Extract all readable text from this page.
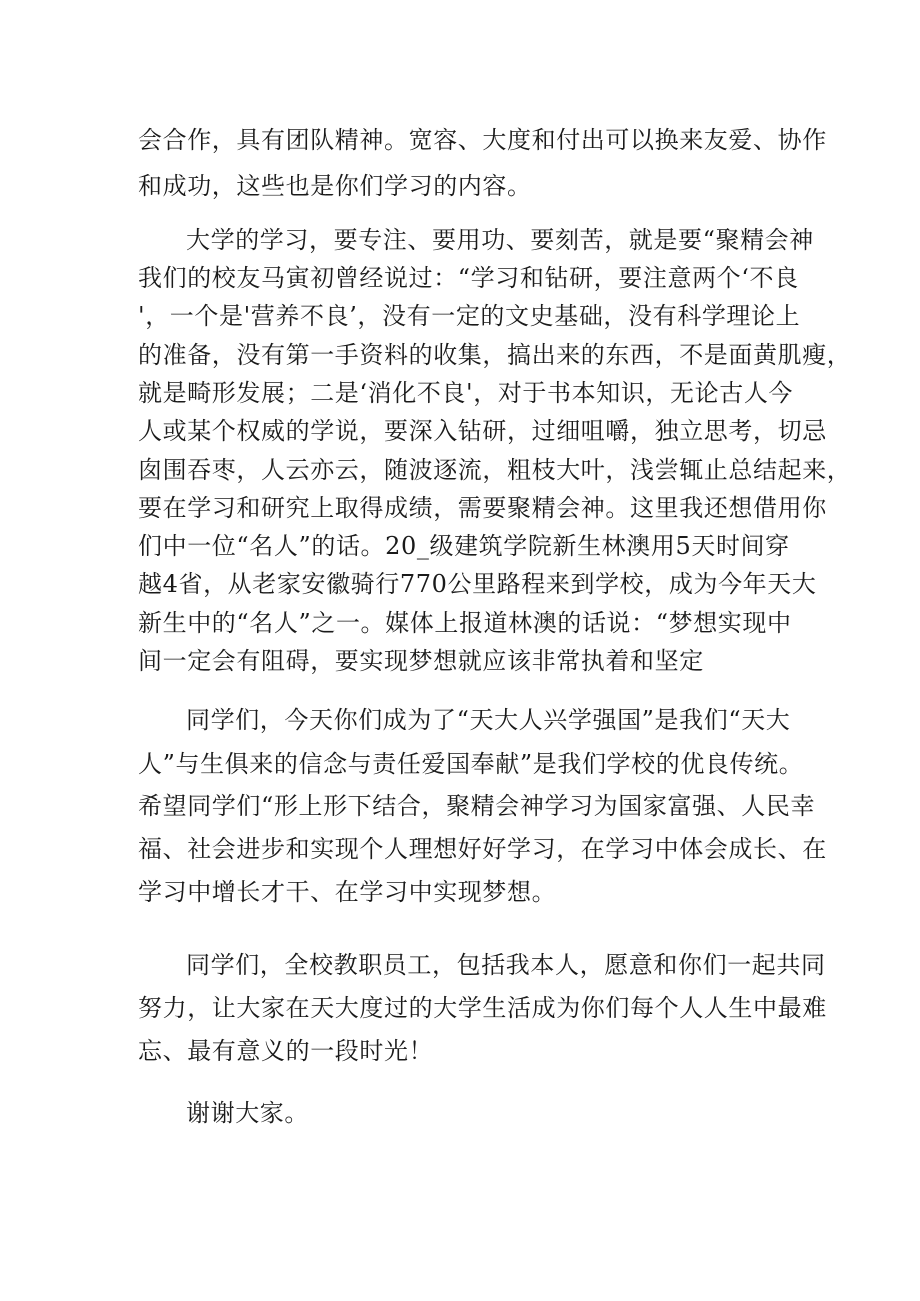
会合作，具有团队精神。宽容、大度和付出可以换来友爱、协作
和成功，这些也是你们学习的内容。
大学的学习，要专注、要用功、要刻苦，就是要“聚精会神
我们的校友马寅初曾经说过：“学习和钻研，要注意两个‘不良
'，一个是'营养不良’，没有一定的文史基础，没有科学理论上
的准备，没有第一手资料的收集，搞出来的东西，不是面黄肌瘦，
就是畸形发展；二是‘消化不良'，对于书本知识，无论古人今
人或某个权威的学说，要深入钻研，过细咀嚼，独立思考，切忌
囱围吞枣，人云亦云，随波逐流，粗枝大叶，浅尝辄止总结起来，
要在学习和研究上取得成绩，需要聚精会神。这里我还想借用你
们中一位“名人”的话。20_级建筑学院新生林澳用5天时间穿
越4省，从老家安徽骑行770公里路程来到学校，成为今年天大
新生中的“名人”之一。媒体上报道林澳的话说：“梦想实现中
间一定会有阻碍，要实现梦想就应该非常执着和坚定
同学们，今天你们成为了“天大人兴学强国”是我们“天大
人”与生俱来的信念与责任爱国奉献”是我们学校的优良传统。
希望同学们“形上形下结合，聚精会神学习为国家富强、人民幸
福、社会进步和实现个人理想好好学习，在学习中体会成长、在
学习中增长才干、在学习中实现梦想。
同学们，全校教职员工，包括我本人，愿意和你们一起共同
努力，让大家在天大度过的大学生活成为你们每个人人生中最难
忘、最有意义的一段时光！
谢谢大家。
